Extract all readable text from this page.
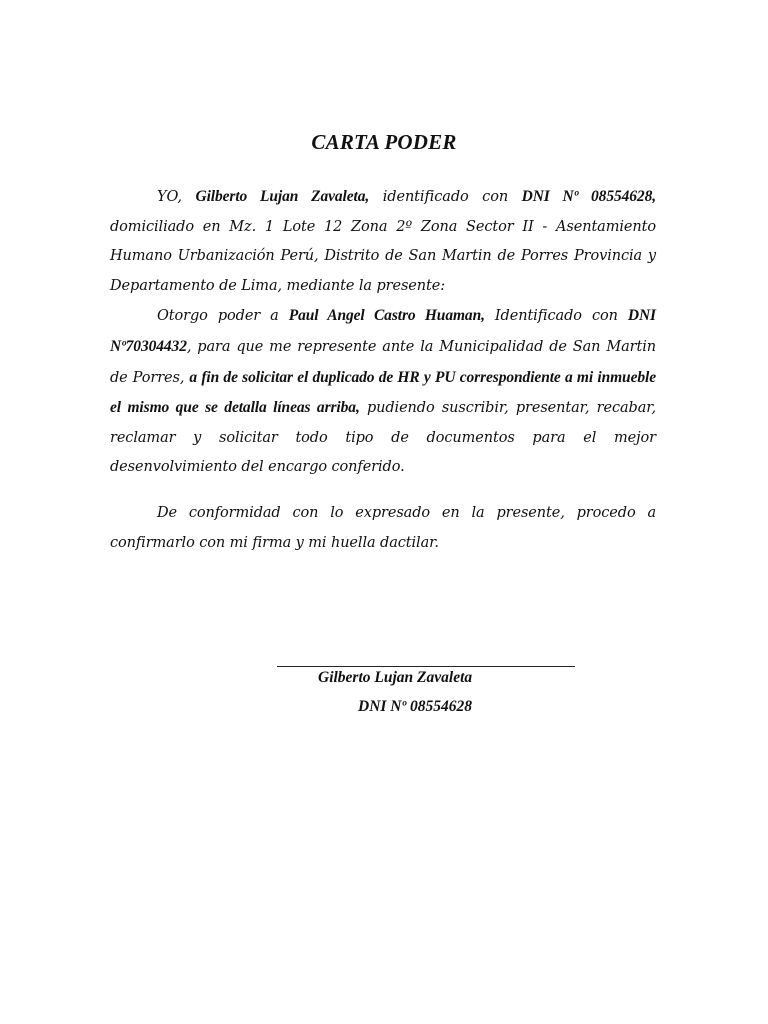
CARTA PODER

YO, Gilberto Lujan Zavaleta, identificado con DNI Nº 08554628, domiciliado en Mz. 1 Lote 12 Zona 2º Zona Sector II - Asentamiento Humano Urbanización Perú, Distrito de San Martin de Porres Provincia y Departamento de Lima, mediante la presente:

Otorgo poder a Paul Angel Castro Huaman, Identificado con DNI Nº70304432, para que me represente ante la Municipalidad de San Martin de Porres, a fin de solicitar el duplicado de HR y PU correspondiente a mi inmueble el mismo que se detalla líneas arriba, pudiendo suscribir, presentar, recabar, reclamar y solicitar todo tipo de documentos para el mejor desenvolvimiento del encargo conferido.

De conformidad con lo expresado en la presente, procedo a confirmarlo con mi firma y mi huella dactilar.

Gilberto Lujan Zavaleta
DNI Nº 08554628
